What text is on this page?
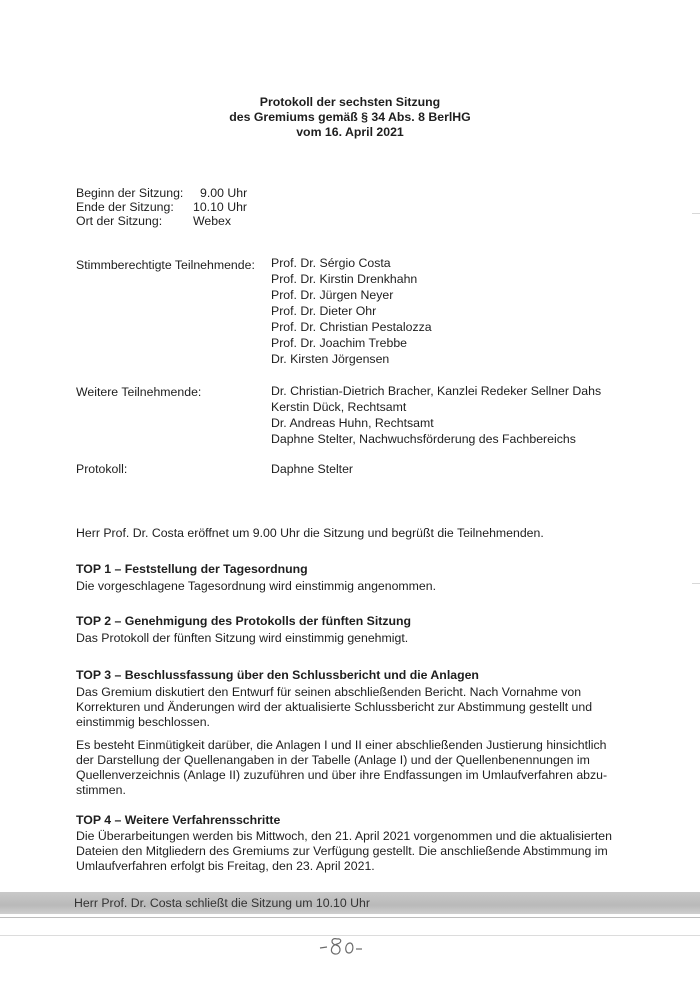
Protokoll der sechsten Sitzung
des Gremiums gemäß § 34 Abs. 8 BerlHG
vom 16. April 2021
Beginn der Sitzung: 9.00 Uhr
Ende der Sitzung: 10.10 Uhr
Ort der Sitzung:	Webex
Stimmberechtigte Teilnehmende: Prof. Dr. Sérgio Costa
Prof. Dr. Kirstin Drenkhahn
Prof. Dr. Jürgen Neyer
Prof. Dr. Dieter Ohr
Prof. Dr. Christian Pestalozza
Prof. Dr. Joachim Trebbe
Dr. Kirsten Jörgensen
Weitere Teilnehmende:	Dr. Christian-Dietrich Bracher, Kanzlei Redeker Sellner Dahs
Kerstin Dück, Rechtsamt
Dr. Andreas Huhn, Rechtsamt
Daphne Stelter, Nachwuchsförderung des Fachbereichs
Protokoll:	Daphne Stelter
Herr Prof. Dr. Costa eröffnet um 9.00 Uhr die Sitzung und begrüßt die Teilnehmenden.
TOP 1 – Feststellung der Tagesordnung
Die vorgeschlagene Tagesordnung wird einstimmig angenommen.
TOP 2 – Genehmigung des Protokolls der fünften Sitzung
Das Protokoll der fünften Sitzung wird einstimmig genehmigt.
TOP 3 – Beschlussfassung über den Schlussbericht und die Anlagen
Das Gremium diskutiert den Entwurf für seinen abschließenden Bericht. Nach Vornahme von
Korrekturen und Änderungen wird der aktualisierte Schlussbericht zur Abstimmung gestellt und
einstimmig beschlossen.
Es besteht Einmütigkeit darüber, die Anlagen I und II einer abschließenden Justierung hinsichtlich
der Darstellung der Quellenangaben in der Tabelle (Anlage I) und der Quellenbenennungen im
Quellenverzeichnis (Anlage II) zuzuführen und über ihre Endfassungen im Umlaufverfahren abzu-
stimmen.
TOP 4 – Weitere Verfahrensschritte
Die Überarbeitungen werden bis Mittwoch, den 21. April 2021 vorgenommen und die aktualisierten
Dateien den Mitgliedern des Gremiums zur Verfügung gestellt. Die anschließende Abstimmung im
Umlaufverfahren erfolgt bis Freitag, den 23. April 2021.
Herr Prof. Dr. Costa schließt die Sitzung um 10.10 Uhr
